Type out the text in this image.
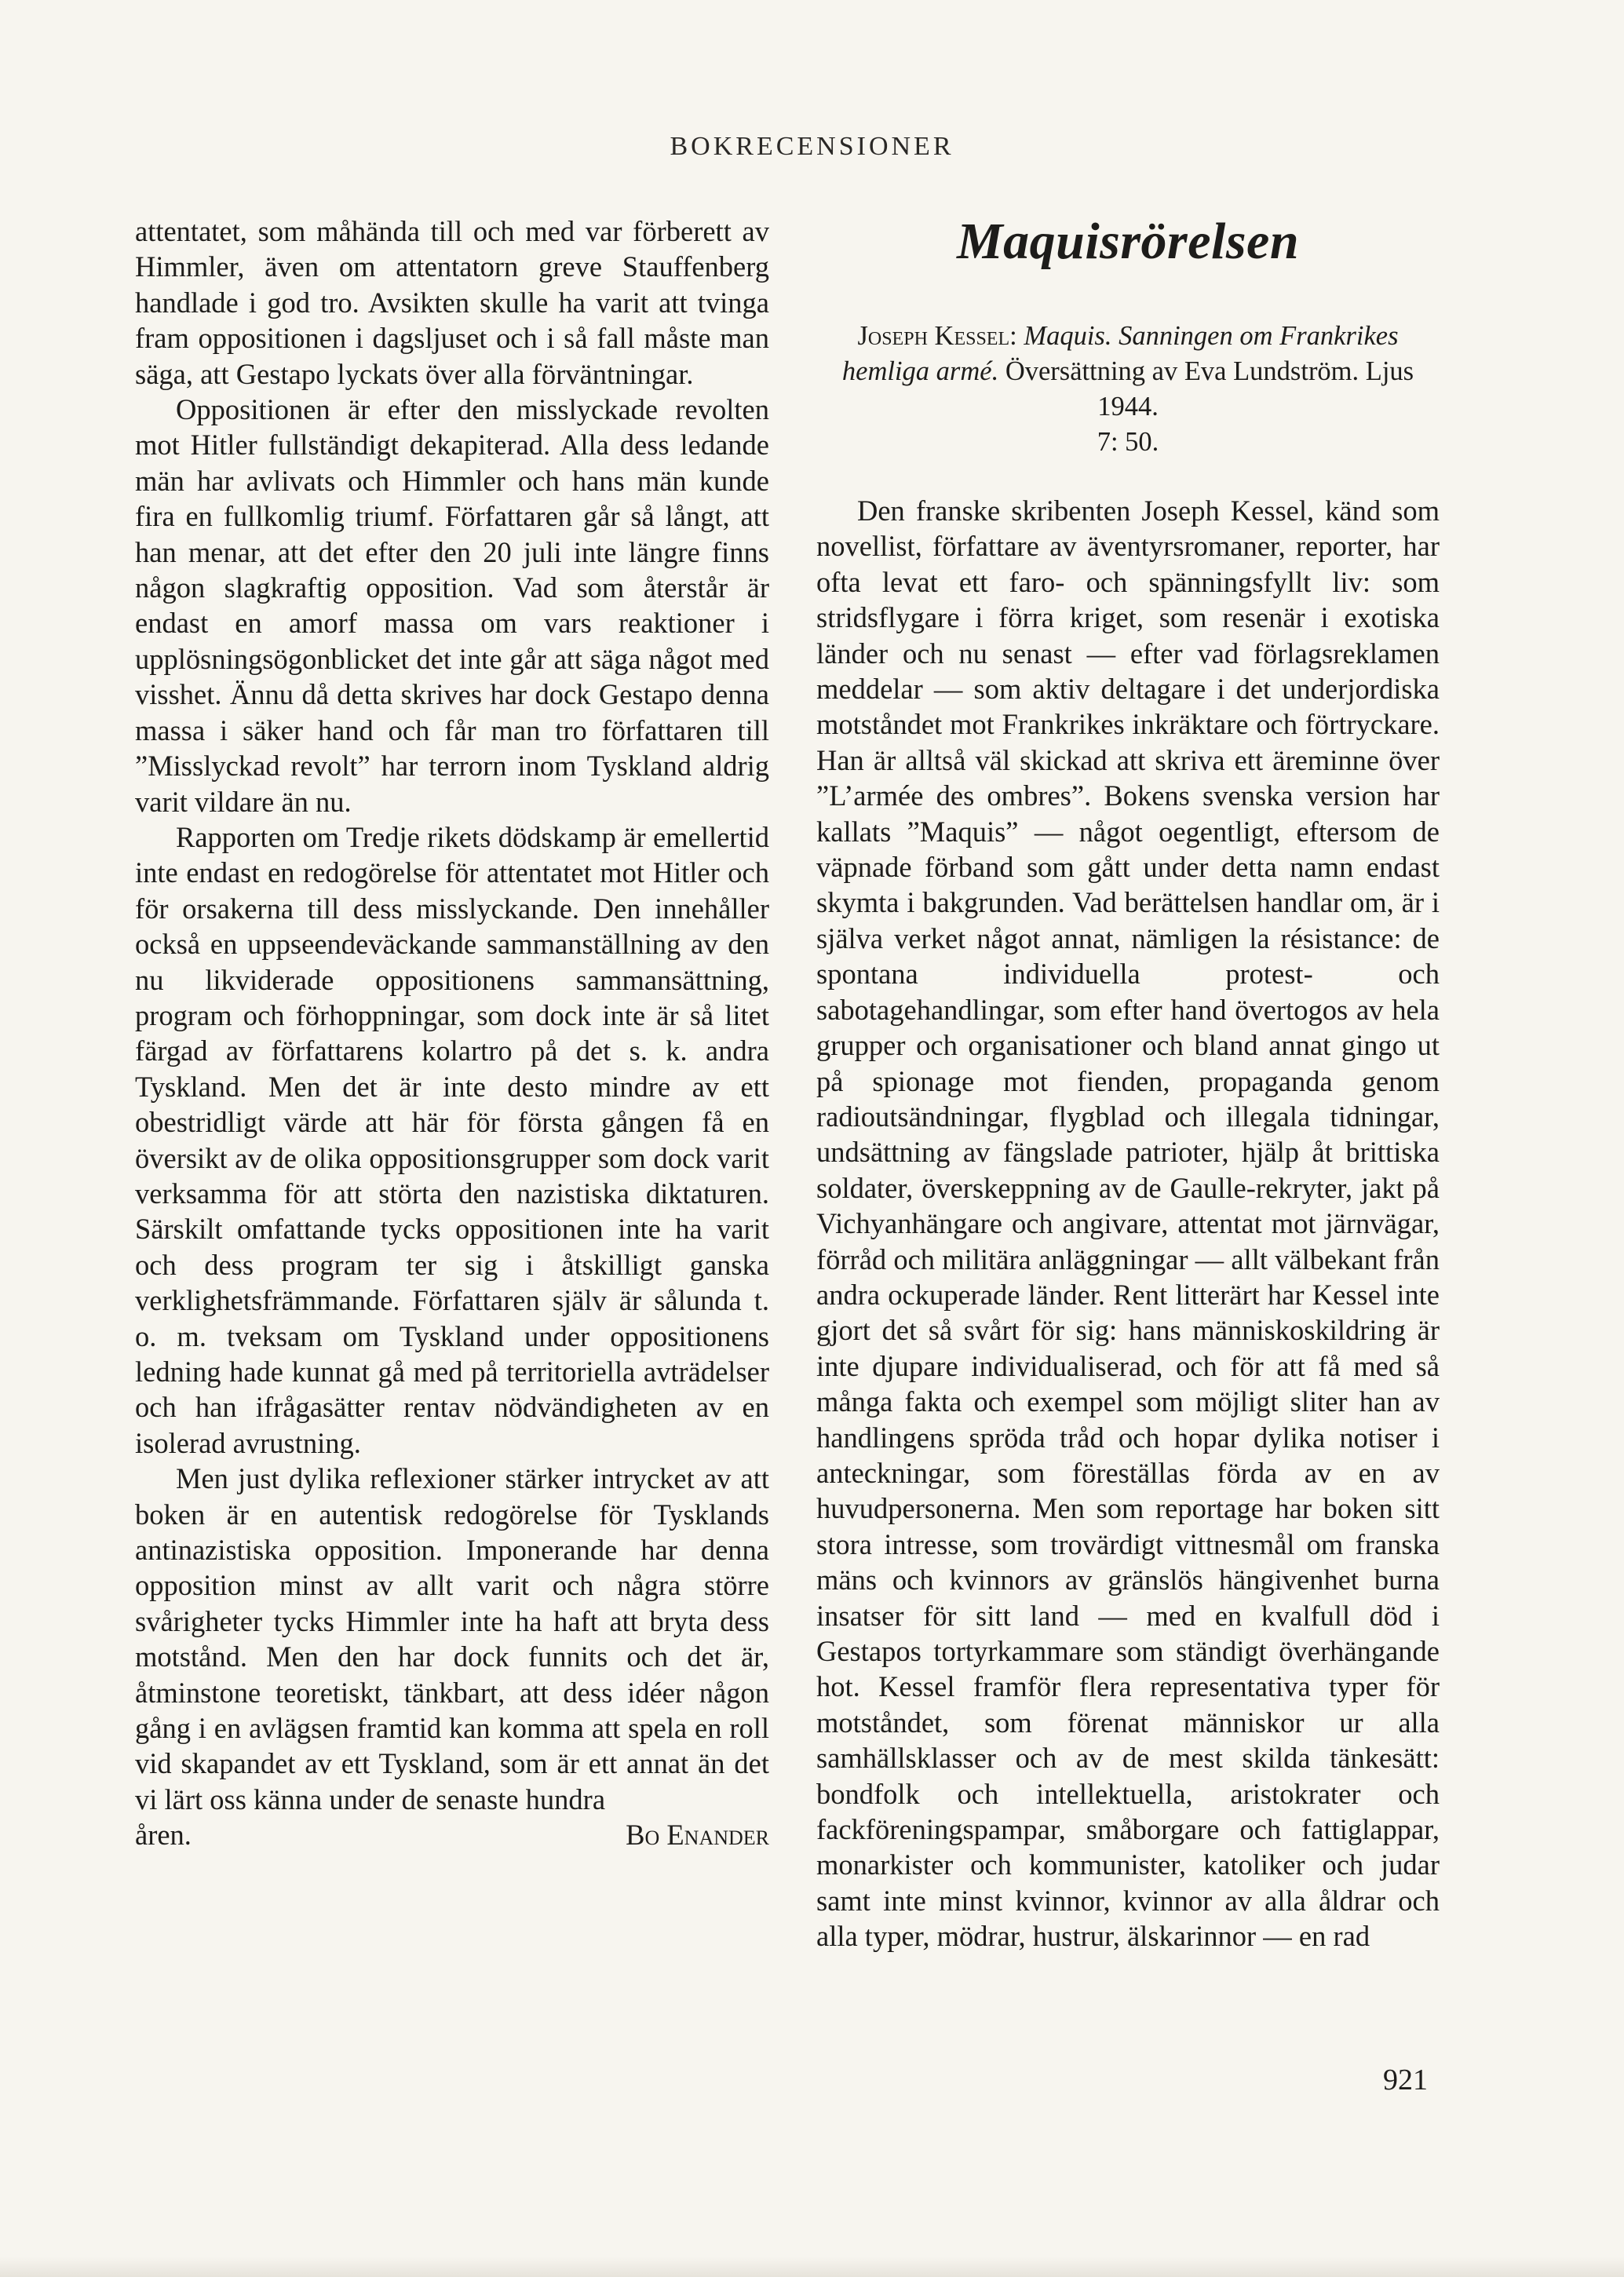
BOKRECENSIONER

attentatet, som måhända till och med var förberett av Himmler, även om attentatorn greve Stauffenberg handlade i god tro. Avsikten skulle ha varit att tvinga fram oppositionen i dagsljuset och i så fall måste man säga, att Gestapo lyckats över alla förväntningar.

Oppositionen är efter den misslyckade revolten mot Hitler fullständigt dekapiterad. Alla dess ledande män har avlivats och Himmler och hans män kunde fira en fullkomlig triumf. Författaren går så långt, att han menar, att det efter den 20 juli inte längre finns någon slagkraftig opposition. Vad som återstår är endast en amorf massa om vars reaktioner i upplösningsögonblicket det inte går att säga något med visshet. Ännu då detta skrives har dock Gestapo denna massa i säker hand och får man tro författaren till ”Misslyckad revolt” har terrorn inom Tyskland aldrig varit vildare än nu.

Rapporten om Tredje rikets dödskamp är emellertid inte endast en redogörelse för attentatet mot Hitler och för orsakerna till dess misslyckande. Den innehåller också en uppseendeväckande sammanställning av den nu likviderade oppositionens sammansättning, program och förhoppningar, som dock inte är så litet färgad av författarens kolartro på det s. k. andra Tyskland. Men det är inte desto mindre av ett obestridligt värde att här för första gången få en översikt av de olika oppositionsgrupper som dock varit verksamma för att störta den nazistiska diktaturen. Särskilt omfattande tycks oppositionen inte ha varit och dess program ter sig i åtskilligt ganska verklighetsfrämmande. Författaren själv är sålunda t. o. m. tveksam om Tyskland under oppositionens ledning hade kunnat gå med på territoriella avträdelser och han ifrågasätter rentav nödvändigheten av en isolerad avrustning.

Men just dylika reflexioner stärker intrycket av att boken är en autentisk redogörelse för Tysklands antinazistiska opposition. Imponerande har denna opposition minst av allt varit och några större svårigheter tycks Himmler inte ha haft att bryta dess motstånd. Men den har dock funnits och det är, åtminstone teoretiskt, tänkbart, att dess idéer någon gång i en avlägsen framtid kan komma att spela en roll vid skapandet av ett Tyskland, som är ett annat än det vi lärt oss känna under de senaste hundra

åren.	Bo Enander
Maquisrörelsen
Joseph Kessel: Maquis. Sanningen om Frankrikes hemliga armé. Översättning av Eva Lundström. Ljus 1944.
7: 50.

Den franske skribenten Joseph Kessel, känd som novellist, författare av äventyrsromaner, reporter, har ofta levat ett faro- och spänningsfyllt liv: som stridsflygare i förra kriget, som resenär i exotiska länder och nu senast — efter vad förlagsreklamen meddelar — som aktiv deltagare i det underjordiska motståndet mot Frankrikes inkräktare och förtryckare. Han är alltså väl skickad att skriva ett äreminne över ”L’armée des ombres”. Bokens svenska version har kallats ”Maquis” — något oegentligt, eftersom de väpnade förband som gått under detta namn endast skymta i bakgrunden. Vad berättelsen handlar om, är i själva verket något annat, nämligen la résistance: de spontana individuella protest- och sabotagehandlingar, som efter hand övertogos av hela grupper och organisationer och bland annat gingo ut på spionage mot fienden, propaganda genom radioutsändningar, flygblad och illegala tidningar, undsättning av fängslade patrioter, hjälp åt brittiska soldater, överskeppning av de Gaulle-rekryter, jakt på Vichyanhängare och angivare, attentat mot järnvägar, förråd och militära anläggningar — allt välbekant från andra ockuperade länder. Rent litterärt har Kessel inte gjort det så svårt för sig: hans människoskildring är inte djupare individualiserad, och för att få med så många fakta och exempel som möjligt sliter han av handlingens spröda tråd och hopar dylika notiser i anteckningar, som föreställas förda av en av huvudpersonerna. Men som reportage har boken sitt stora intresse, som trovärdigt vittnesmål om franska mäns och kvinnors av gränslös hängivenhet burna insatser för sitt land — med en kvalfull död i Gestapos tortyrkammare som ständigt överhängande hot. Kessel framför flera representativa typer för motståndet, som förenat människor ur alla samhällsklasser och av de mest skilda tänkesätt: bondfolk och intellektuella, aristokrater och fackföreningspampar, småborgare och fattiglappar, monarkister och kommunister, katoliker och judar samt inte minst kvinnor, kvinnor av alla åldrar och alla typer, mödrar, hustrur, älskarinnor — en rad

921
